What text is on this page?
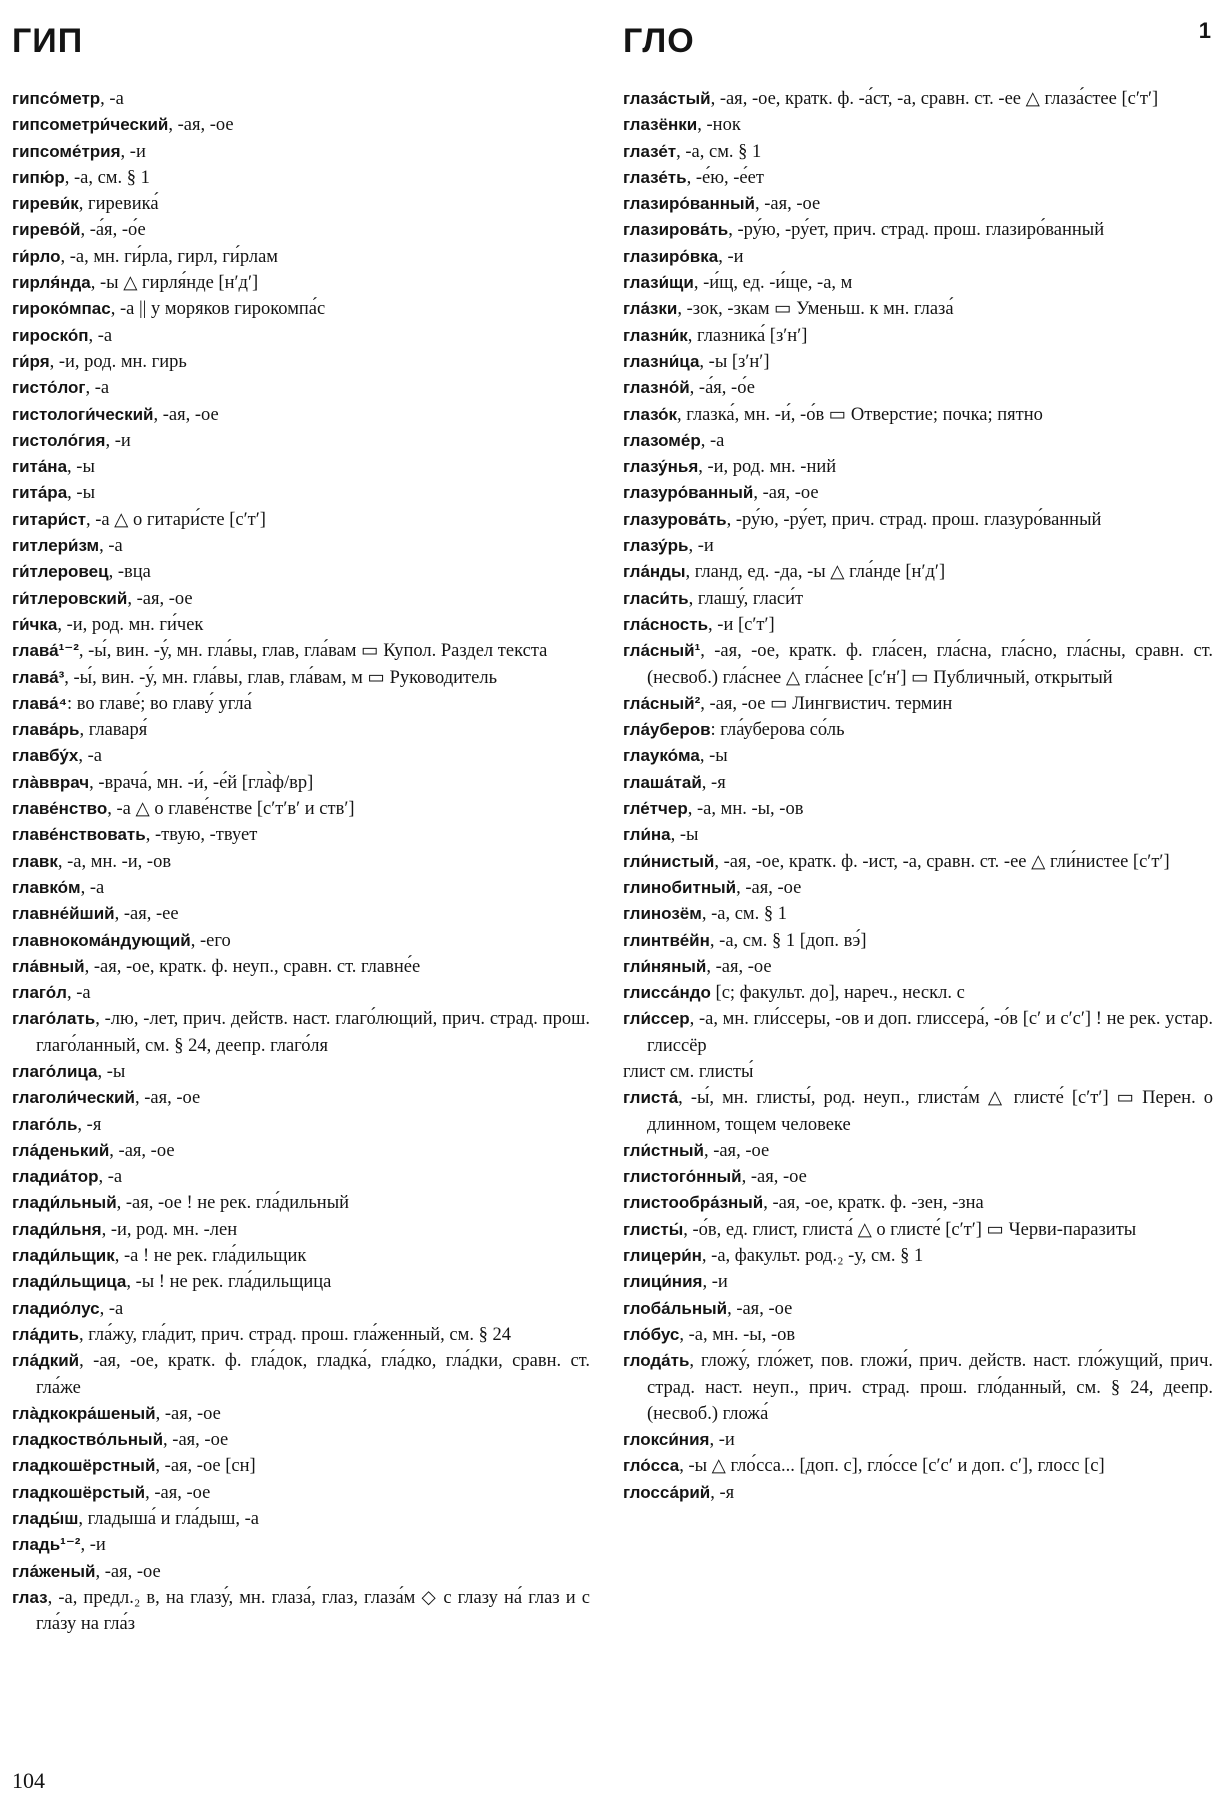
ГИП	ГЛО	1

гипсо́метр, -а

гипсометри́ческий, -ая, -ое

гипсоме́трия, -и

гипю́р, -а, см. § 1

гиреви́к, гиревика́

гирево́й, -а́я, -о́е

ги́рло, -а, мн. ги́рла, гирл, ги́рлам

гирля́нда, -ы △ гирля́нде [нʹдʹ]

гироко́мпас, -а || у моряков гирокомпа́с

гироско́п, -а

ги́ря, -и, род. мн. гирь

гисто́лог, -а

гистологи́ческий, -ая, -ое

гистоло́гия, -и

гита́на, -ы

гита́ра, -ы

гитари́ст, -а △ о гитари́сте [сʹтʹ]

гитлери́зм, -а

ги́тлеровец, -вца

ги́тлеровский, -ая, -ое

ги́чка, -и, род. мн. ги́чек

глава́¹⁻², -ы́, вин. -у́, мн. гла́вы, глав, гла́вам ▭ Купол. Раздел текста

глава́³, -ы́, вин. -у́, мн. гла́вы, глав, гла́вам, м ▭ Руководитель

глава́⁴: во главе́; во главу́ угла́

глава́рь, главаря́

главбу́х, -а

гла̀вврач, -врача́, мн. -и́, -е́й [гла̀ф/вр]

главе́нство, -а △ о главе́нстве [сʹтʹвʹ и ствʹ]

главе́нствовать, -твую, -твует

главк, -а, мн. -и, -ов

главко́м, -а

главне́йший, -ая, -ее

главнокома́ндующий, -его

гла́вный, -ая, -ое, кратк. ф. неуп., сравн. ст. главне́е

глаго́л, -а

глаго́лать, -лю, -лет, прич. действ. наст. глаго́лющий, прич. страд. прош. глаго́ланный, см. § 24, деепр. глаго́ля

глаго́лица, -ы

глаголи́ческий, -ая, -ое

глаго́ль, -я

гла́денький, -ая, -ое

гладиа́тор, -а

глади́льный, -ая, -ое ! не рек. гла́дильный

глади́льня, -и, род. мн. -лен

глади́льщик, -а ! не рек. гла́дильщик

глади́льщица, -ы ! не рек. гла́дильщица

гладио́лус, -а

гла́дить, гла́жу, гла́дит, прич. страд. прош. гла́женный, см. § 24

гла́дкий, -ая, -ое, кратк. ф. гла́док, гладка́, гла́дко, гла́дки, сравн. ст. гла́же

гла̀дкокра́шеный, -ая, -ое

гладкоство́льный, -ая, -ое

гладкошёрстный, -ая, -ое [сн]

гладкошёрстый, -ая, -ое

глады́ш, гладыша́ и гла́дыш, -а

гладь¹⁻², -и

гла́женый, -ая, -ое

глаз, -а, предл.₂ в, на глазу́, мн. глаза́, глаз, глаза́м ◇ с глазу на́ глаз и с гла́зу на гла́з

глаза́стый, -ая, -ое, кратк. ф. -а́ст, -а, сравн. ст. -ее △ глаза́стее [сʹтʹ]

глазёнки, -нок

глазе́т, -а, см. § 1

глазе́ть, -е́ю, -е́ет

глазиро́ванный, -ая, -ое

глазирова́ть, -ру́ю, -ру́ет, прич. страд. прош. глазиро́ванный

глазиро́вка, -и

глази́щи, -и́щ, ед. -и́ще, -а, м

гла́зки, -зок, -зкам ▭ Уменьш. к мн. глаза́

глазни́к, глазника́ [зʹнʹ]

глазни́ца, -ы [зʹнʹ]

глазно́й, -а́я, -о́е

глазо́к, глазка́, мн. -и́, -о́в ▭ Отверстие; почка; пятно

глазоме́р, -а

глазу́нья, -и, род. мн. -ний

глазуро́ванный, -ая, -ое

глазурова́ть, -ру́ю, -ру́ет, прич. страд. прош. глазуро́ванный

глазу́рь, -и

гла́нды, гланд, ед. -да, -ы △ гла́нде [нʹдʹ]

гласи́ть, глашу́, гласи́т

гла́сность, -и [сʹтʹ]

гла́сный¹, -ая, -ое, кратк. ф. гла́сен, гла́сна, гла́сно, гла́сны, сравн. ст. (несвоб.) гла́снее △ гла́снее [сʹнʹ] ▭ Публичный, открытый

гла́сный², -ая, -ое ▭ Лингвистич. термин

гла́уберов: гла́уберова со́ль

глауко́ма, -ы

глаша́тай, -я

гле́тчер, -а, мн. -ы, -ов

гли́на, -ы

гли́нистый, -ая, -ое, кратк. ф. -ист, -а, сравн. ст. -ее △ гли́нистее [сʹтʹ]

глинобитный, -ая, -ое

глинозём, -а, см. § 1

глинтве́йн, -а, см. § 1 [доп. вэ́]

гли́няный, -ая, -ое

глисса́ндо [с; факульт. до], нареч., нескл. с

гли́ссер, -а, мн. гли́ссеры, -ов и доп. глиссера́, -о́в [сʹ и сʹсʹ] ! не рек. устар. глиссёр

глист см. глисты́

глиста́, -ы́, мн. глисты́, род. неуп., глиста́м △ глисте́ [сʹтʹ] ▭ Перен. о длинном, тощем человеке

гли́стный, -ая, -ое

глистого́нный, -ая, -ое

глистообра́зный, -ая, -ое, кратк. ф. -зен, -зна

глисты́, -о́в, ед. глист, глиста́ △ о глисте́ [сʹтʹ] ▭ Черви-паразиты

глицери́н, -а, факульт. род.₂ -у, см. § 1

глици́ния, -и

глоба́льный, -ая, -ое

гло́бус, -а, мн. -ы, -ов

глода́ть, гложу́, гло́жет, пов. гложи́, прич. действ. наст. гло́жущий, прич. страд. наст. неуп., прич. страд. прош. гло́данный, см. § 24, деепр. (несвоб.) гложа́

глокси́ния, -и

гло́сса, -ы △ гло́сса... [доп. с], гло́ссе [сʹсʹ и доп. сʹ], глосс [с]

глосса́рий, -я

104
